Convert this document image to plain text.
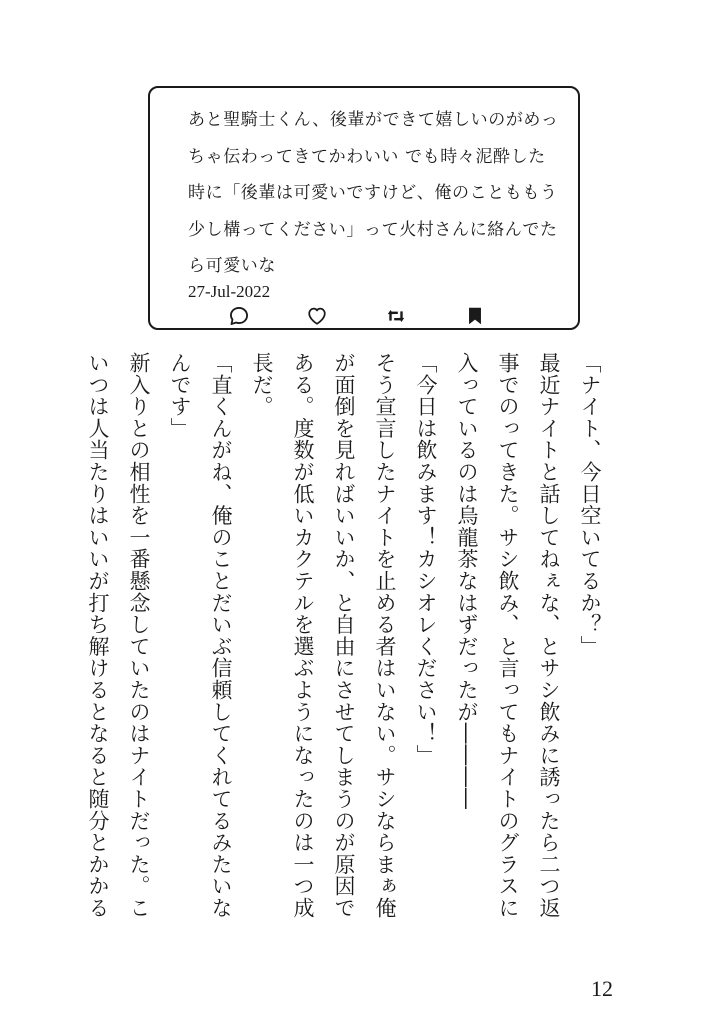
あと聖騎士くん、後輩ができて嬉しいのがめっ
ちゃ伝わってきてかわいい でも時々泥酔した
時に「後輩は可愛いですけど、俺のことももう
少し構ってください」って火村さんに絡んでた
ら可愛いな
27-Jul-2022
「ナイト、今日空いてるか？」
最近ナイトと話してねぇな、とサシ飲みに誘ったら二つ返
事でのってきた。サシ飲み、と言ってもナイトのグラスに
入っているのは烏龍茶なはずだったが――――
「今日は飲みます！カシオレください！」
そう宣言したナイトを止める者はいない。サシならまぁ俺
が面倒を見ればいいか、と自由にさせてしまうのが原因で
ある。度数が低いカクテルを選ぶようになったのは一つ成
長だ。
「直くんがね、俺のことだいぶ信頼してくれてるみたいな
んです」
新入りとの相性を一番懸念していたのはナイトだった。こ
いつは人当たりはいいが打ち解けるとなると随分とかかる
12
